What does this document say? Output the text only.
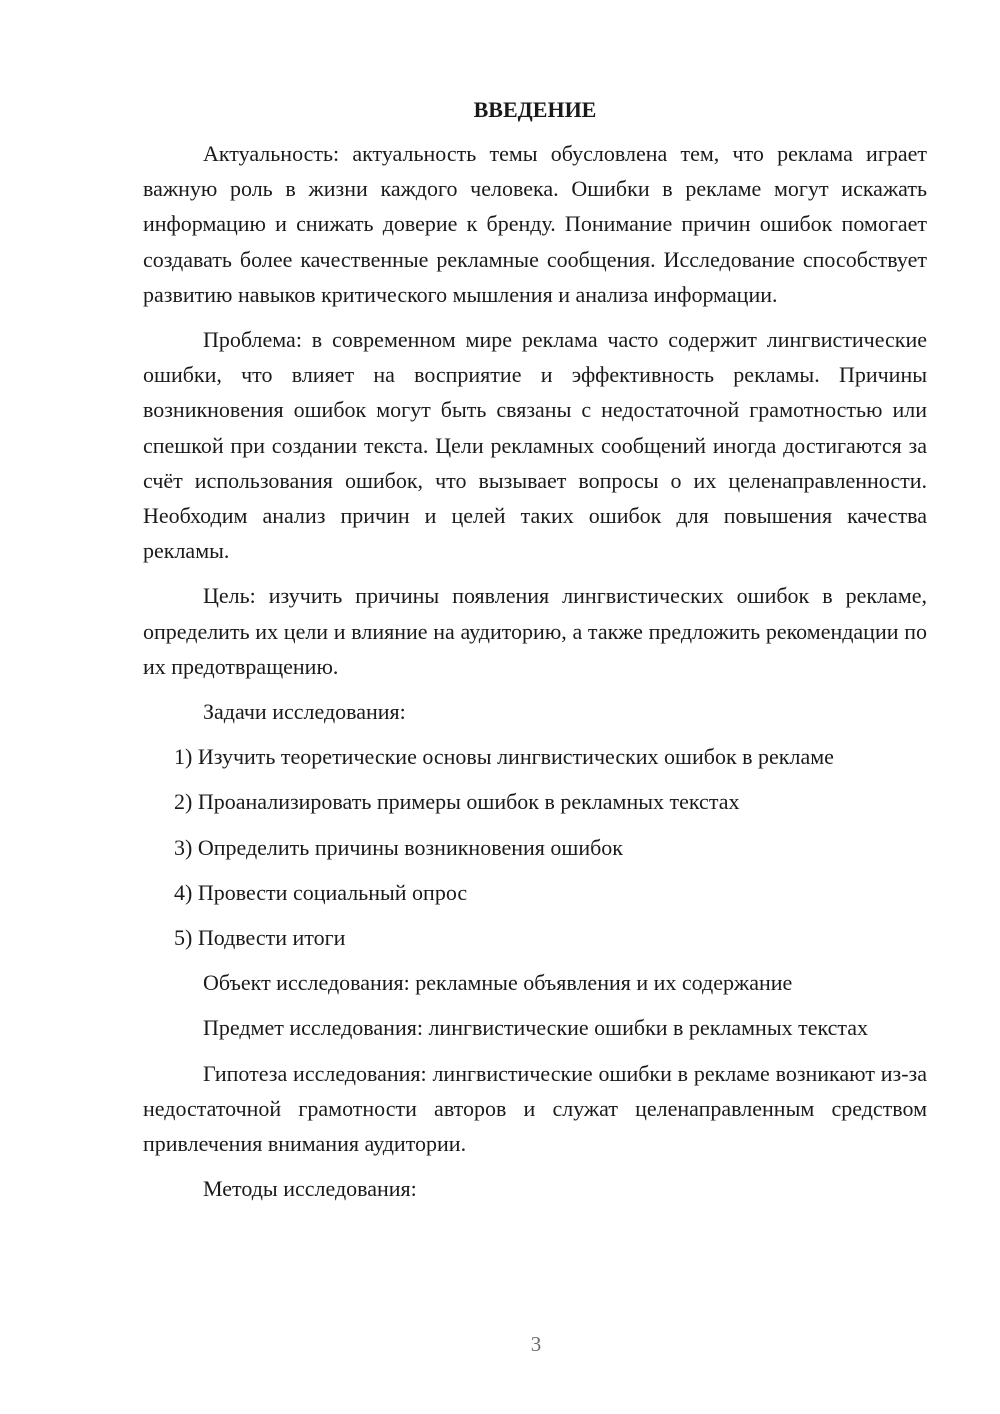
ВВЕДЕНИЕ

Актуальность: актуальность темы обусловлена тем, что реклама играет важную роль в жизни каждого человека. Ошибки в рекламе могут искажать информацию и снижать доверие к бренду. Понимание причин ошибок помогает создавать более качественные рекламные сообщения. Исследование способствует развитию навыков критического мышления и анализа информации.

Проблема: в современном мире реклама часто содержит лингвистические ошибки, что влияет на восприятие и эффективность рекламы. Причины возникновения ошибок могут быть связаны с недостаточной грамотностью или спешкой при создании текста. Цели рекламных сообщений иногда достигаются за счёт использования ошибок, что вызывает вопросы о их целенаправленности. Необходим анализ причин и целей таких ошибок для повышения качества рекламы.

Цель: изучить причины появления лингвистических ошибок в рекламе, определить их цели и влияние на аудиторию, а также предложить рекомендации по их предотвращению.

Задачи исследования:

1) Изучить теоретические основы лингвистических ошибок в рекламе
2) Проанализировать примеры ошибок в рекламных текстах
3) Определить причины возникновения ошибок
4) Провести социальный опрос
5) Подвести итоги

Объект исследования: рекламные объявления и их содержание

Предмет исследования: лингвистические ошибки в рекламных текстах

Гипотеза исследования: лингвистические ошибки в рекламе возникают из-за недостаточной грамотности авторов и служат целенаправленным средством привлечения внимания аудитории.

Методы исследования:

3
